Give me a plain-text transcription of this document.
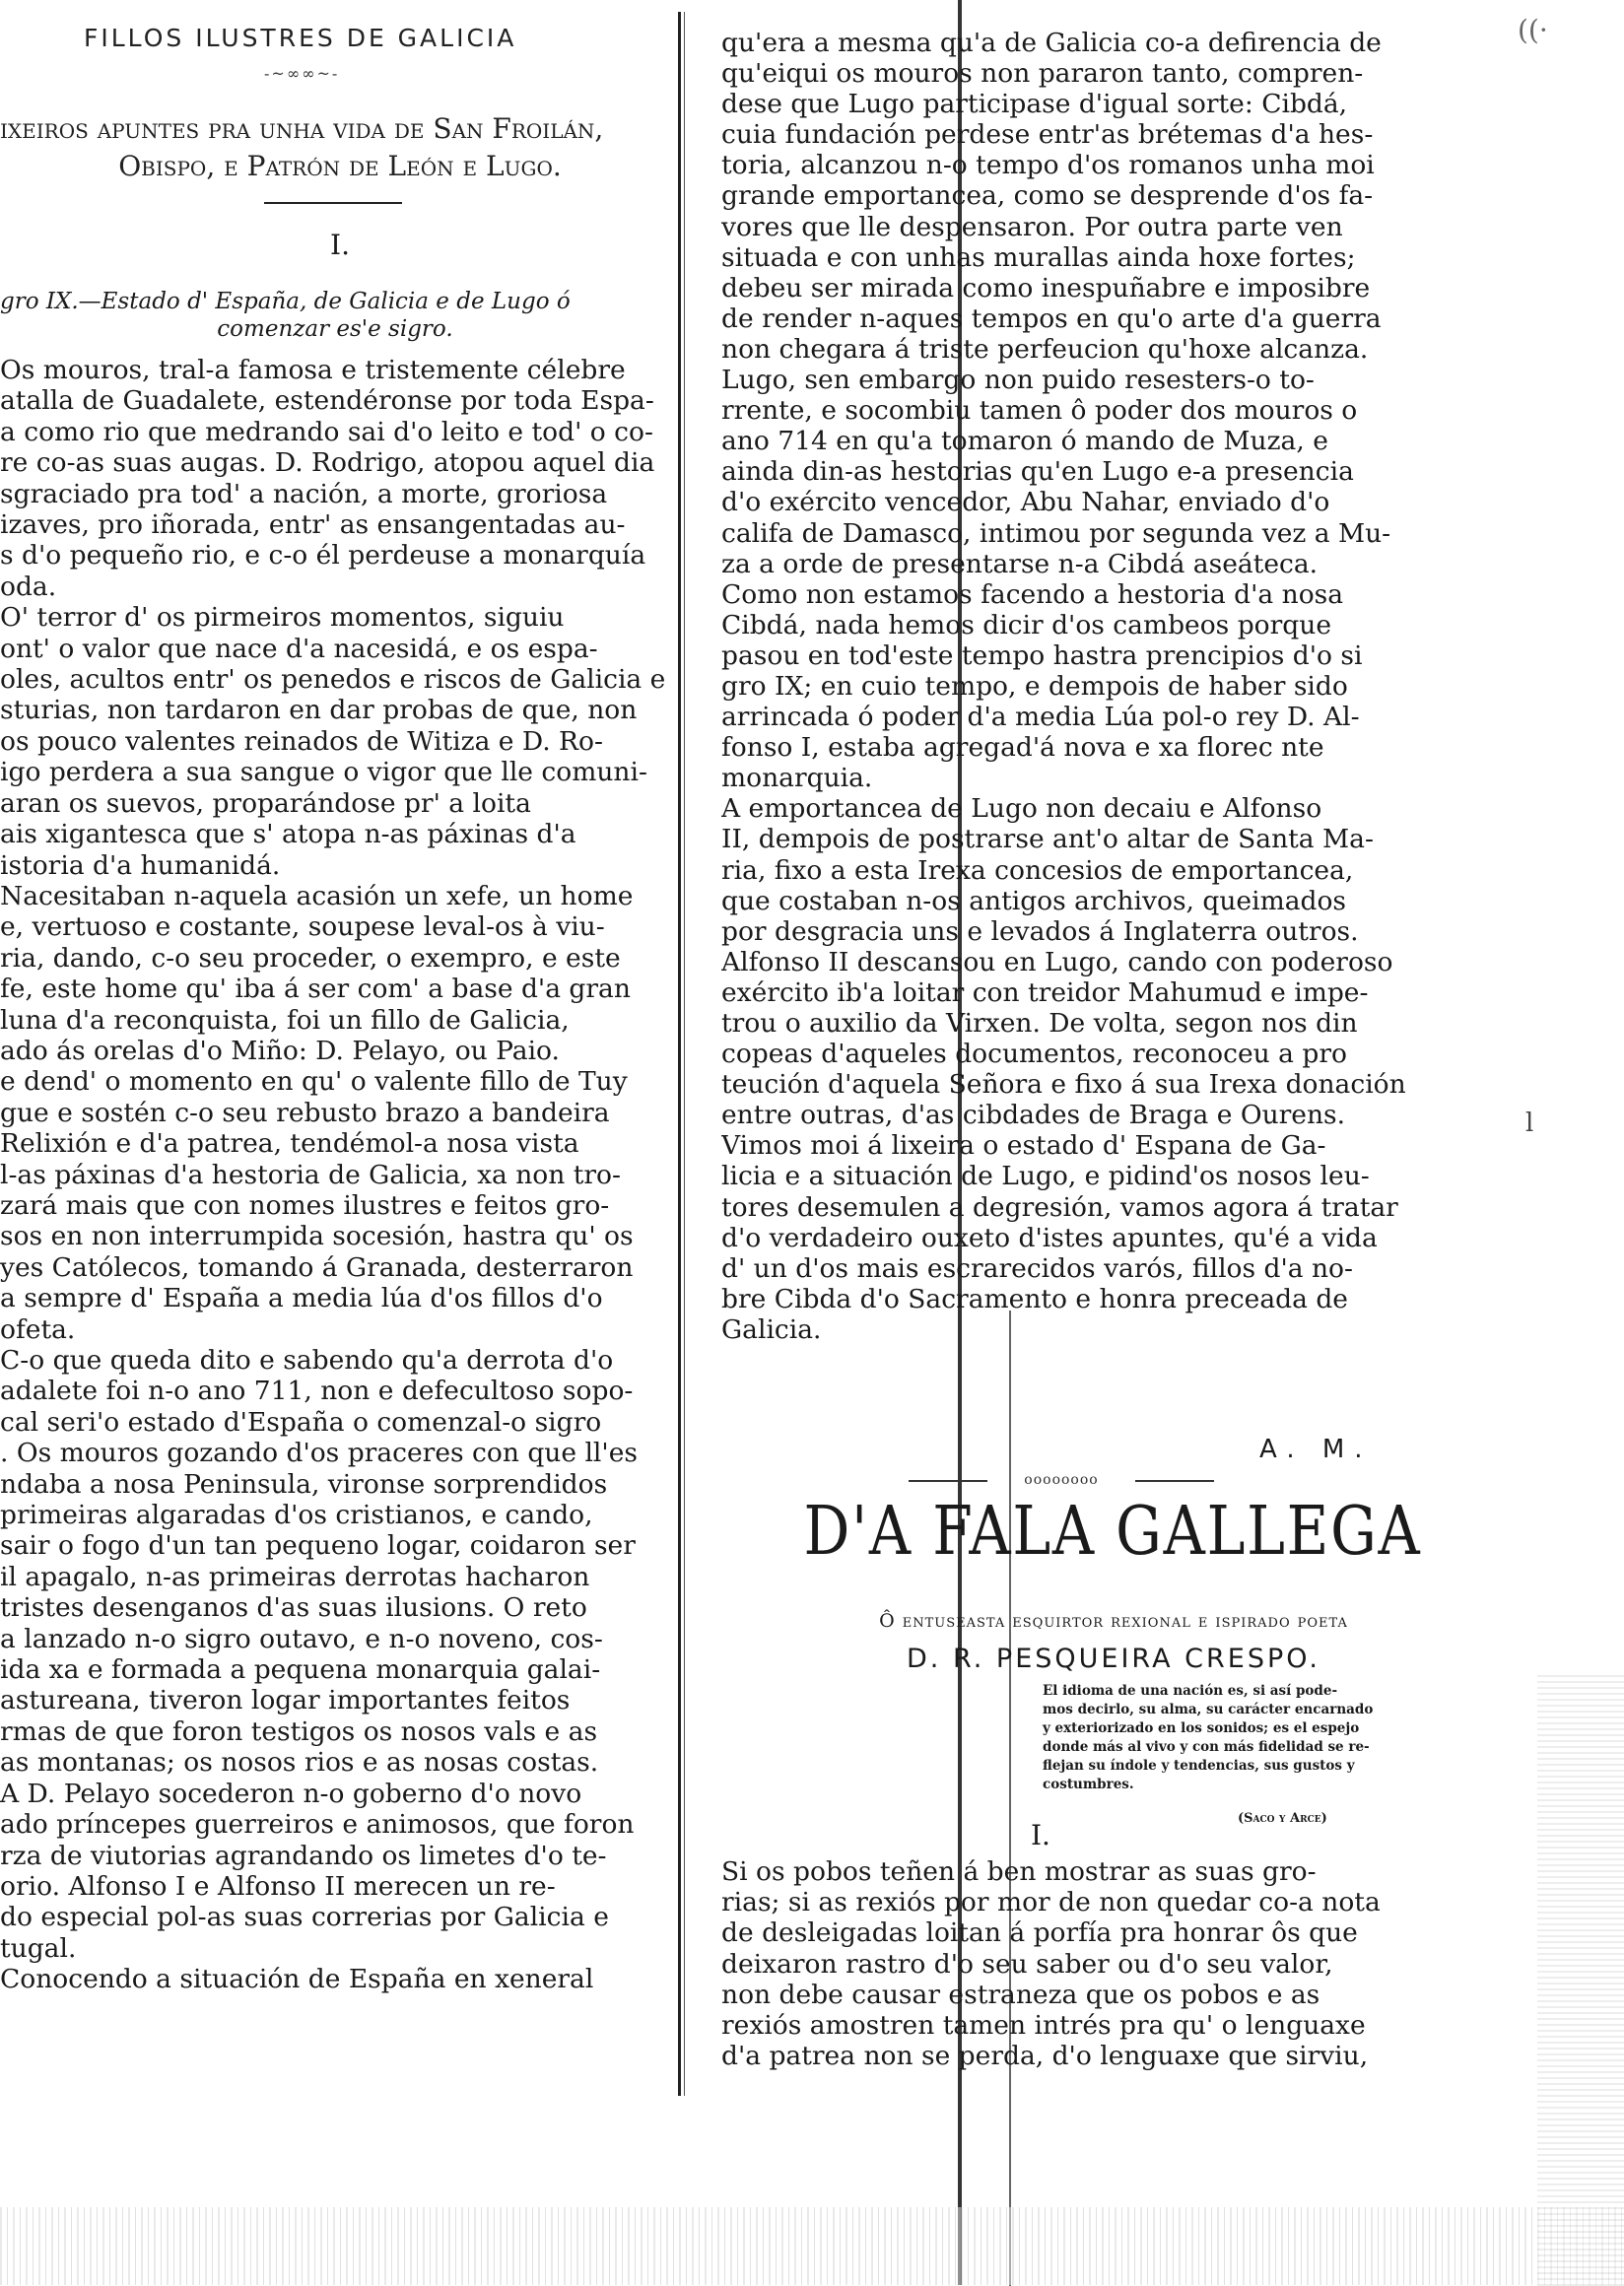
((·
l
FILLOS ILUSTRES DE GALICIA
-~∞∞~-
ixeiros apuntes pra unha vida de San Froilán,
Obispo, e Patrón de León e Lugo.
I.
gro IX.—Estado d' España, de Galicia e de Lugo ó
comenzar es'e sigro.
Os mouros, tral-a famosa e tristemente célebre
atalla de Guadalete, estendéronse por toda Espa-
a como rio que medrando sai d'o leito e tod' o co-
re co-as suas augas. D. Rodrigo, atopou aquel dia
sgraciado pra tod' a nación, a morte, groriosa
izaves, pro iñorada, entr' as ensangentadas au-
s d'o pequeño rio, e c-o él perdeuse a monarquía
oda.
O' terror d' os pirmeiros momentos, siguiu
ont' o valor que nace d'a nacesidá, e os espa-
oles, acultos entr' os penedos e riscos de Galicia e
sturias, non tardaron en dar probas de que, non
os pouco valentes reinados de Witiza e D. Ro-
igo perdera a sua sangue o vigor que lle comuni-
aran os suevos, proparándose pr' a loita
ais xigantesca que s' atopa n-as páxinas d'a
istoria d'a humanidá.
Nacesitaban n-aquela acasión un xefe, un home
e, vertuoso e costante, soupese leval-os à viu-
ria, dando, c-o seu proceder, o exempro, e este
fe, este home qu' iba á ser com' a base d'a gran
luna d'a reconquista, foi un fillo de Galicia,
ado ás orelas d'o Miño: D. Pelayo, ou Paio.
e dend' o momento en qu' o valente fillo de Tuy
gue e sostén c-o seu rebusto brazo a bandeira
Relixión e d'a patrea, tendémol-a nosa vista
l-as páxinas d'a hestoria de Galicia, xa non tro-
zará mais que con nomes ilustres e feitos gro-
sos en non interrumpida socesión, hastra qu' os
yes Católecos, tomando á Granada, desterraron
a sempre d' España a media lúa d'os fillos d'o
ofeta.
C-o que queda dito e sabendo qu'a derrota d'o
adalete foi n-o ano 711, non e defecultoso sopo-
cal seri'o estado d'España o comenzal-o sigro
. Os mouros gozando d'os praceres con que ll'es
ndaba a nosa Peninsula, vironse sorprendidos
primeiras algaradas d'os cristianos, e cando,
sair o fogo d'un tan pequeno logar, coidaron ser
il apagalo, n-as primeiras derrotas hacharon
tristes desenganos d'as suas ilusions. O reto
a lanzado n-o sigro outavo, e n-o noveno, cos-
ida xa e formada a pequena monarquia galai-
asturеana, tiveron logar importantes feitos
rmas de que foron testigos os nosos vals e as
as montanas; os nosos rios e as nosas costas.
A D. Pelayo socederon n-o goberno d'o novo
ado príncepes guerreiros e animosos, que foron
rza de viutorias agrandando os limetes d'o te-
orio. Alfonso I e Alfonso II merecen un re-
do especial pol-as suas correrias por Galicia e
tugal.
Conocendo a situación de España en xeneral
qu'era a mesma qu'a de Galicia co-a defirencia de
qu'eiqui os mouros non pararon tanto, compren-
dese que Lugo participase d'igual sorte: Cibdá,
cuia fundación perdese entr'as brétemas d'a hes-
toria, alcanzou n-o tempo d'os romanos unha moi
grande emportancea, como se desprende d'os fa-
vores que lle despensaron. Por outra parte ven
situada e con unhas murallas ainda hoxe fortes;
debeu ser mirada como inespuñabre e imposibre
de render n-aques tempos en qu'o arte d'a guerra
non chegara á triste perfeucion qu'hoxe alcanza.
Lugo, sen embargo non puido resesters-o to-
rrente, e socombiu tamen ô poder dos mouros o
ano 714 en qu'a tomaron ó mando de Muza, e
ainda din-as hestorias qu'en Lugo e-a presencia
d'o exército vencedor, Abu Nahar, enviado d'o
califa de Damasco, intimou por segunda vez a Mu-
za a orde de presentarse n-a Cibdá aseáteca.
Como non estamos facendo a hestoria d'a nosa
Cibdá, nada hemos dicir d'os cambeos porque
pasou en tod'este tempo hastra prencipios d'o si
gro IX; en cuio tempo, e dempois de haber sido
arrincada ó poder d'a media Lúa pol-o rey D. Al-
fonso I, estaba agregad'á nova e xa florec nte
monarquia.
A emportancea de Lugo non decaiu e Alfonso
II, dempois de postrarse ant'o altar de Santa Ma-
ria, fixo a esta Irexa concesios de emportancea,
que costaban n-os antigos archivos, queimados
por desgracia uns e levados á Inglaterra outros.
Alfonso II descansou en Lugo, cando con poderoso
exército ib'a loitar con treidor Mahumud e impe-
trou o auxilio da Virxen. De volta, segon nos din
copeas d'aqueles documentos, reconoceu a pro
teución d'aquela Señora e fixo á sua Irexa donación
entre outras, d'as cibdades de Braga e Ourens.
Vimos moi á lixeira o estado d' Espana de Ga-
licia e a situación de Lugo, e pidind'os nosos leu-
tores desemulen a degresión, vamos agora á tratar
d'o verdadeiro ouxeto d'istes apuntes, qu'é a vida
d' un d'os mais escrarecidos varós, fillos d'a no-
bre Cibda d'o Sacramento e honra preceada de
Galicia.
A. M.
oooooooo
D'A FALA GALLEGA
Ô entuseasta esquirtor rexional e ispirado poeta
D. R. PESQUEIRA CRESPO.
El idioma de una nación es, si así pode-
mos decirlo, su alma, su carácter encarnado
y exteriorizado en los sonidos; es el espejo
donde más al vivo y con más fidelidad se re-
flejan su índole y tendencias, sus gustos y
costumbres.
(Saco y Arce)
I.
Si os pobos teñen á ben mostrar as suas gro-
rias; si as rexiós por mor de non quedar co-a nota
de desleigadas loitan á porfía pra honrar ôs que
deixaron rastro d'o seu saber ou d'o seu valor,
non debe causar estraneza que os pobos e as
rexiós amostren tamen intrés pra qu' o lenguaxe
d'a patrea non se perda, d'o lenguaxe que sirviu,
